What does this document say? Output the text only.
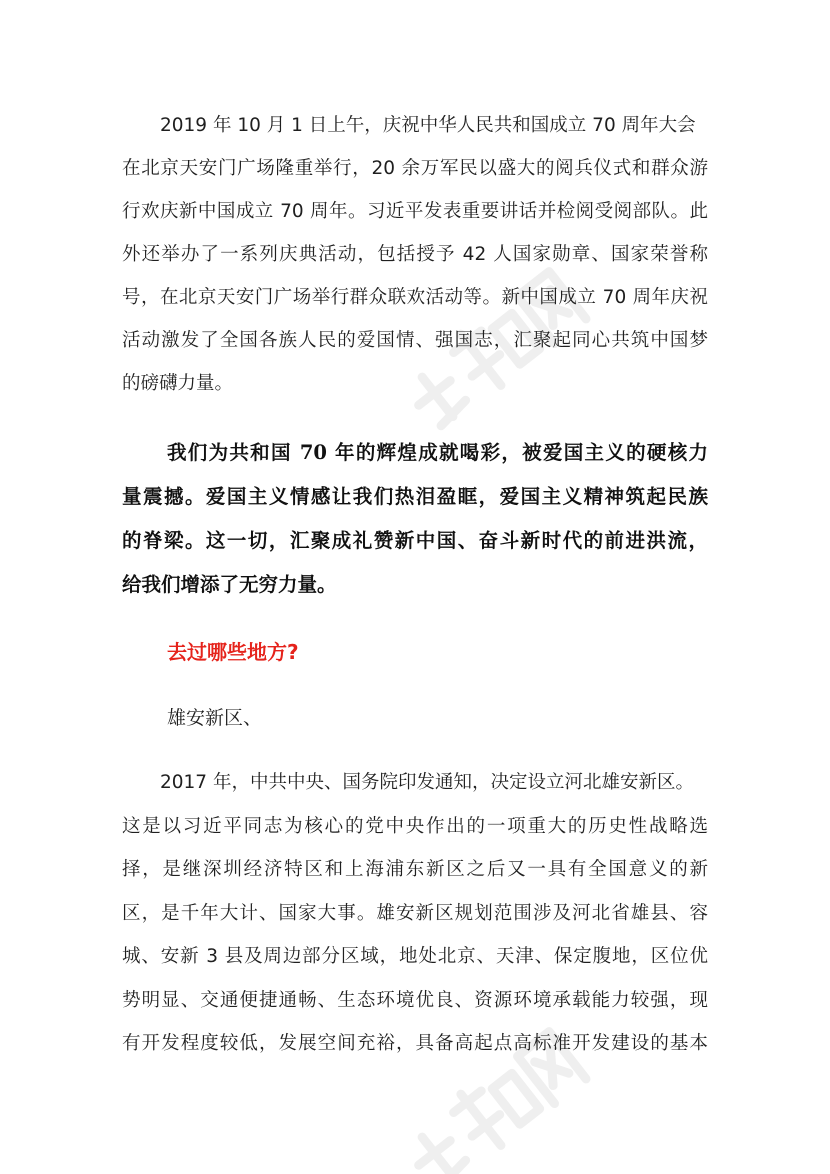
2019 年 10 月 1 日上午，庆祝中华人民共和国成立 70 周年大会
在北京天安门广场隆重举行，20 余万军民以盛大的阅兵仪式和群众游
行欢庆新中国成立 70 周年。习近平发表重要讲话并检阅受阅部队。此
外还举办了一系列庆典活动，包括授予 42 人国家勋章、国家荣誉称
号，在北京天安门广场举行群众联欢活动等。新中国成立 70 周年庆祝
活动激发了全国各族人民的爱国情、强国志，汇聚起同心共筑中国梦
的磅礴力量。
我们为共和国 70 年的辉煌成就喝彩，被爱国主义的硬核力
量震撼。爱国主义情感让我们热泪盈眶，爱国主义精神筑起民族
的脊梁。这一切，汇聚成礼赞新中国、奋斗新时代的前进洪流，
给我们增添了无穷力量。
去过哪些地方?
雄安新区、
2017 年，中共中央、国务院印发通知，决定设立河北雄安新区。
这是以习近平同志为核心的党中央作出的一项重大的历史性战略选
择，是继深圳经济特区和上海浦东新区之后又一具有全国意义的新
区，是千年大计、国家大事。雄安新区规划范围涉及河北省雄县、容
城、安新 3 县及周边部分区域，地处北京、天津、保定腹地，区位优
势明显、交通便捷通畅、生态环境优良、资源环境承载能力较强，现
有开发程度较低，发展空间充裕，具备高起点高标准开发建设的基本
